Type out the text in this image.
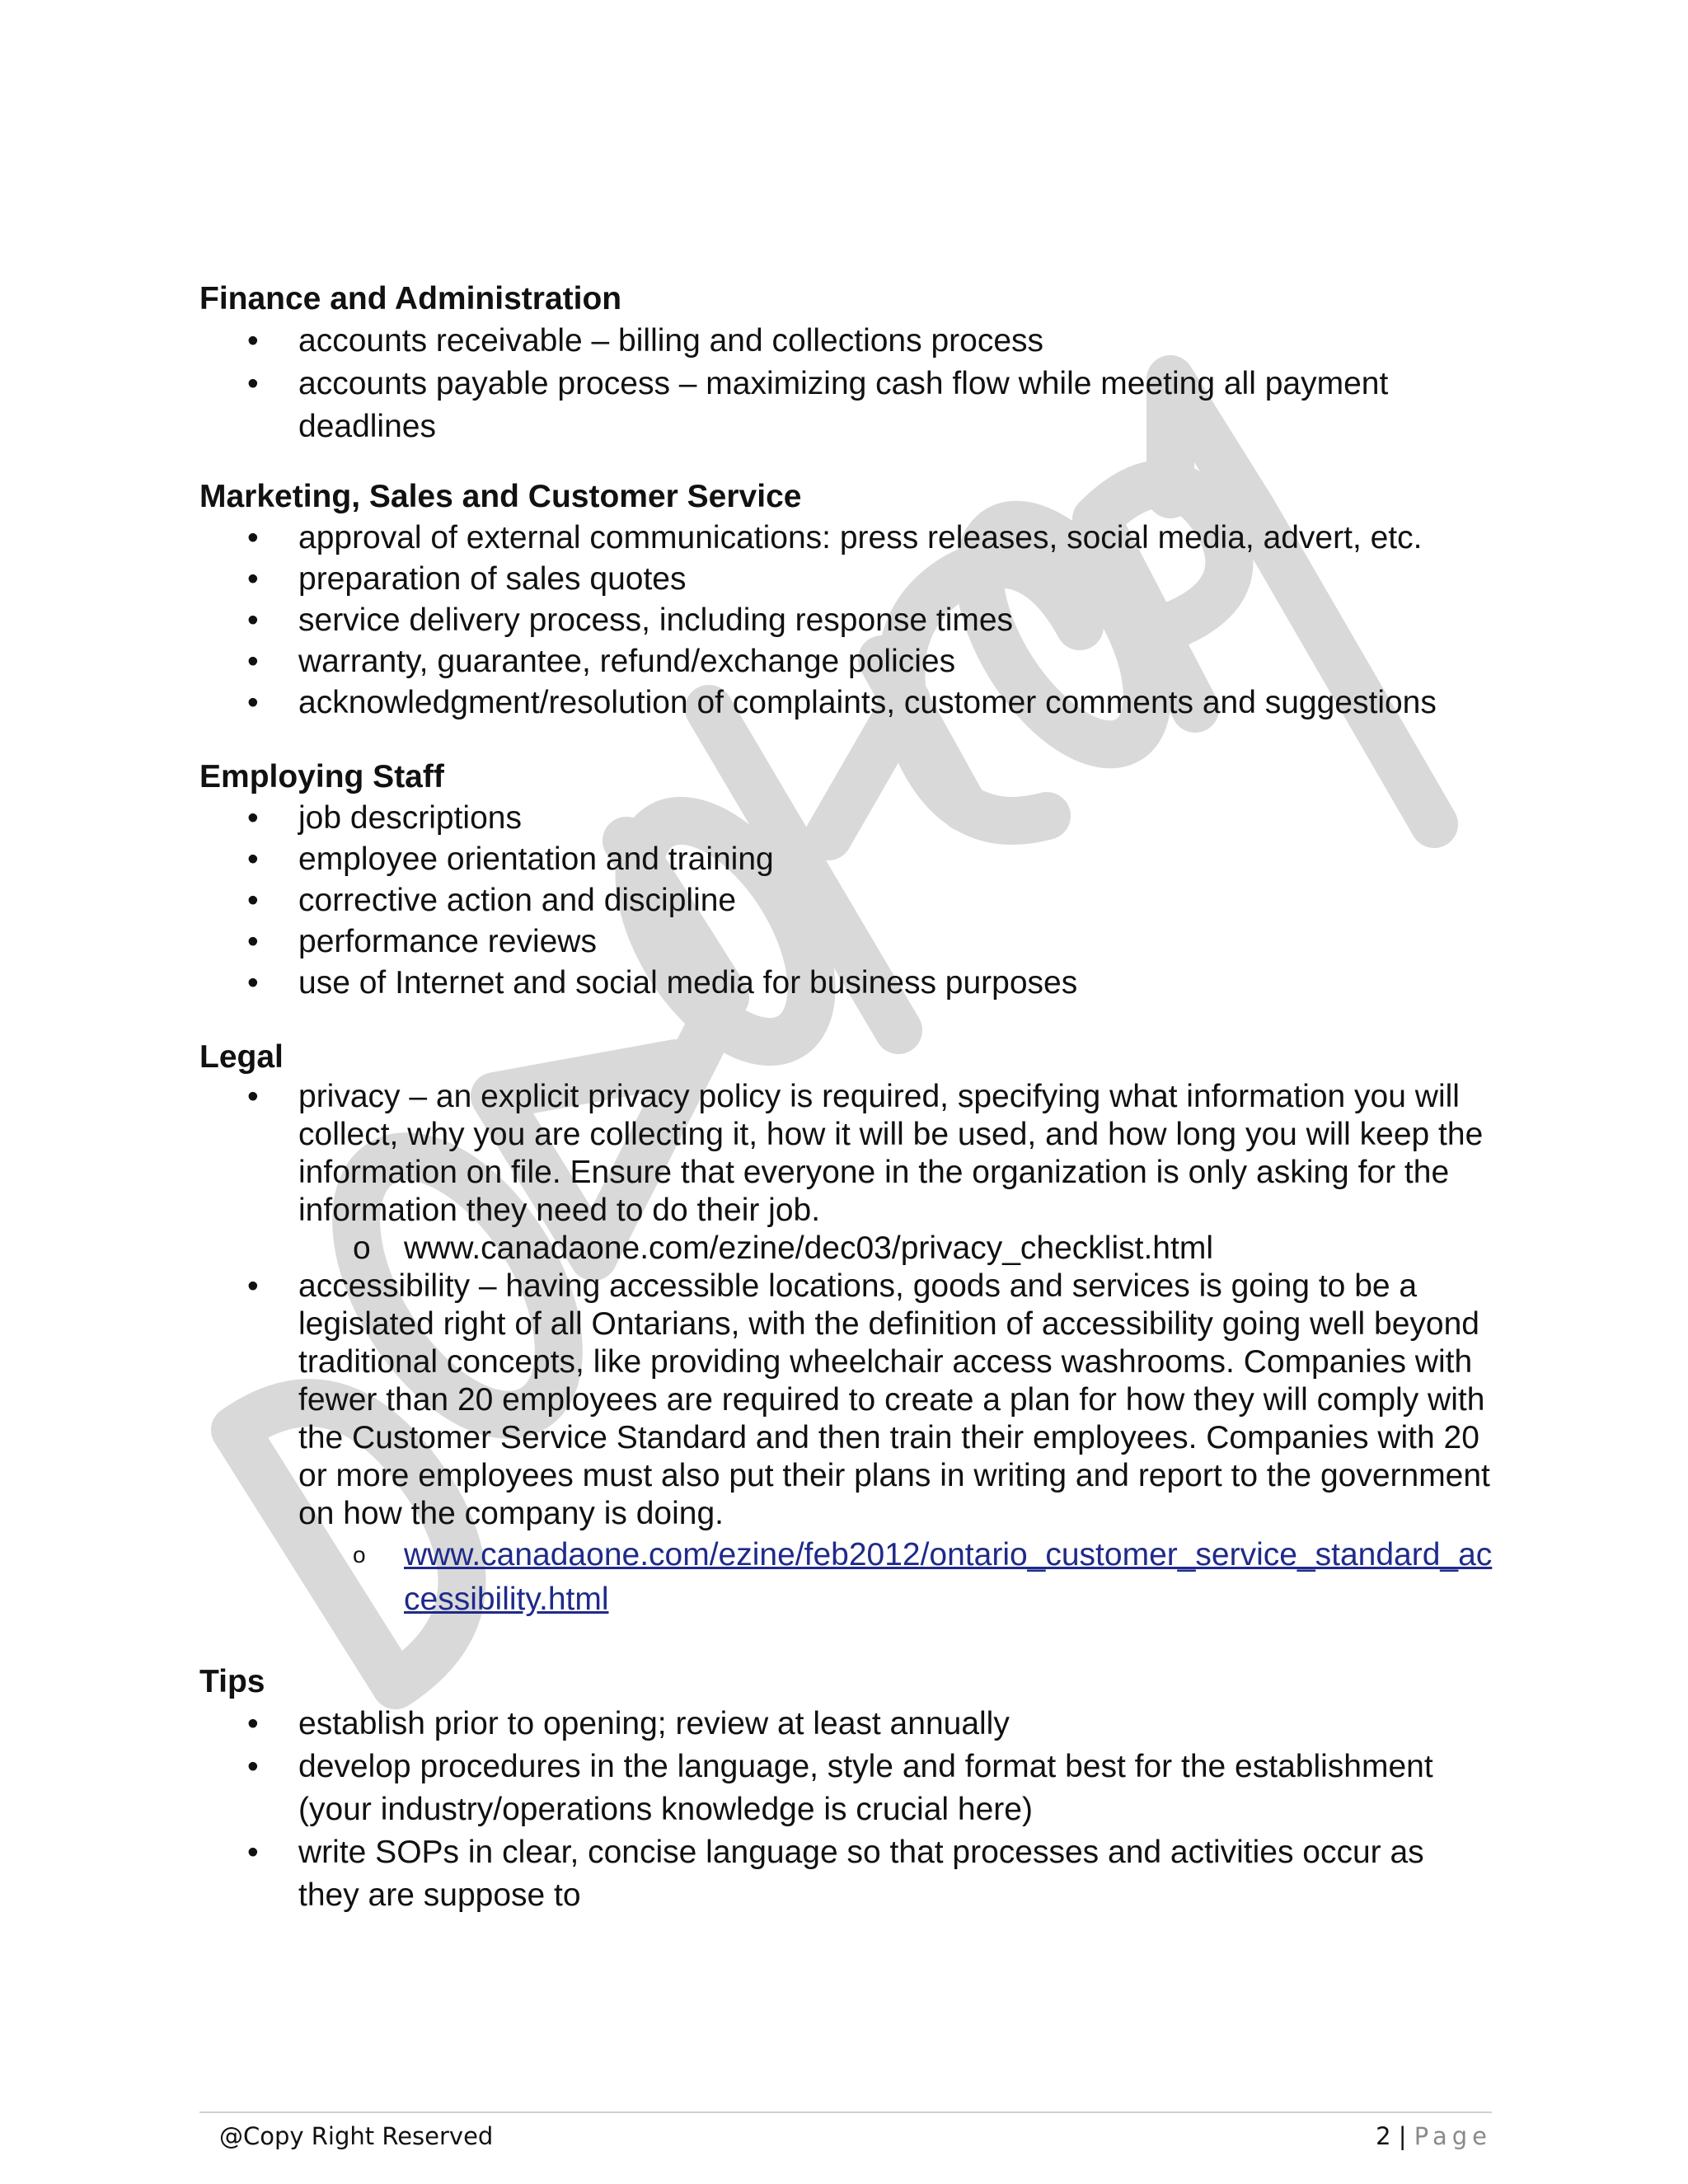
Finance and Administration
• accounts receivable – billing and collections process
• accounts payable process – maximizing cash flow while meeting all payment deadlines
Marketing, Sales and Customer Service
• approval of external communications: press releases, social media, advert, etc.
• preparation of sales quotes
• service delivery process, including response times
• warranty, guarantee, refund/exchange policies
• acknowledgment/resolution of complaints, customer comments and suggestions
Employing Staff
• job descriptions
• employee orientation and training
• corrective action and discipline
• performance reviews
• use of Internet and social media for business purposes
Legal
• privacy – an explicit privacy policy is required, specifying what information you will collect, why you are collecting it, how it will be used, and how long you will keep the information on file. Ensure that everyone in the organization is only asking for the information they need to do their job.
o www.canadaone.com/ezine/dec03/privacy_checklist.html
• accessibility – having accessible locations, goods and services is going to be a legislated right of all Ontarians, with the definition of accessibility going well beyond traditional concepts, like providing wheelchair access washrooms. Companies with fewer than 20 employees are required to create a plan for how they will comply with the Customer Service Standard and then train their employees. Companies with 20 or more employees must also put their plans in writing and report to the government on how the company is doing.
o www.canadaone.com/ezine/feb2012/ontario_customer_service_standard_accessibility.html
Tips
• establish prior to opening; review at least annually
• develop procedures in the language, style and format best for the establishment (your industry/operations knowledge is crucial here)
• write SOPs in clear, concise language so that processes and activities occur as they are suppose to
@Copy Right Reserved	2 | Page
